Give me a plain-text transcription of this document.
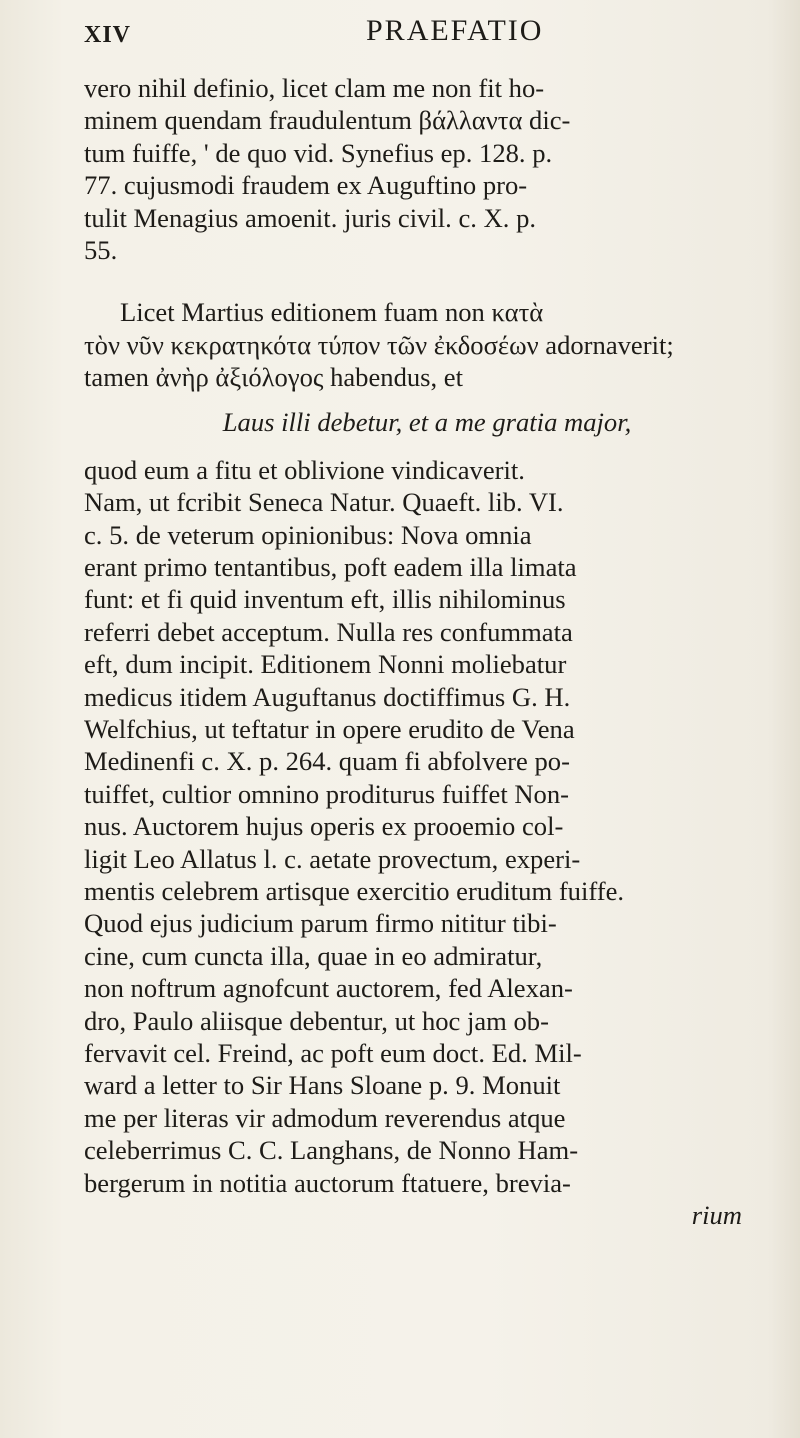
XIV	PRAEFATIO
vero nihil definio, licet clam me non fit ho-
minem quendam fraudulentum βάλλαντα dic-
tum fuiffe, ' de quo vid. Synefius ep. 128. p.
77. cujusmodi fraudem ex Auguftino pro-
tulit Menagius amoenit. juris civil. c. X. p.
55.
Licet Martius editionem fuam non κατὰ
τὸν νῦν κεκρατηκότα τύπον τῶν ἐκδοσέων adornaverit;
tamen ἀνὴρ ἀξιόλογος habendus, et
Laus illi debetur, et a me gratia major,
quod eum a fitu et oblivione vindicaverit.
Nam, ut fcribit Seneca Natur. Quaeft. lib. VI.
c. 5. de veterum opinionibus: Nova omnia
erant primo tentantibus, poft eadem illa limata
funt: et fi quid inventum eft, illis nihilominus
referri debet acceptum. Nulla res confummata
eft, dum incipit. Editionem Nonni moliebatur
medicus itidem Auguftanus doctiffimus G. H.
Welfchius, ut teftatur in opere erudito de Vena
Medinenfi c. X. p. 264. quam fi abfolvere po-
tuiffet, cultior omnino proditurus fuiffet Non-
nus. Auctorem hujus operis ex prooemio col-
ligit Leo Allatus l. c. aetate provectum, experi-
mentis celebrem artisque exercitio eruditum fuiffe.
Quod ejus judicium parum firmo nititur tibi-
cine, cum cuncta illa, quae in eo admiratur,
non noftrum agnofcunt auctorem, fed Alexan-
dro, Paulo aliisque debentur, ut hoc jam ob-
fervavit cel. Freind, ac poft eum doct. Ed. Mil-
ward a letter to Sir Hans Sloane p. 9. Monuit
me per literas vir admodum reverendus atque
celeberrimus C. C. Langhans, de Nonno Ham-
bergerum in notitia auctorum ftatuere, brevia-
rium
